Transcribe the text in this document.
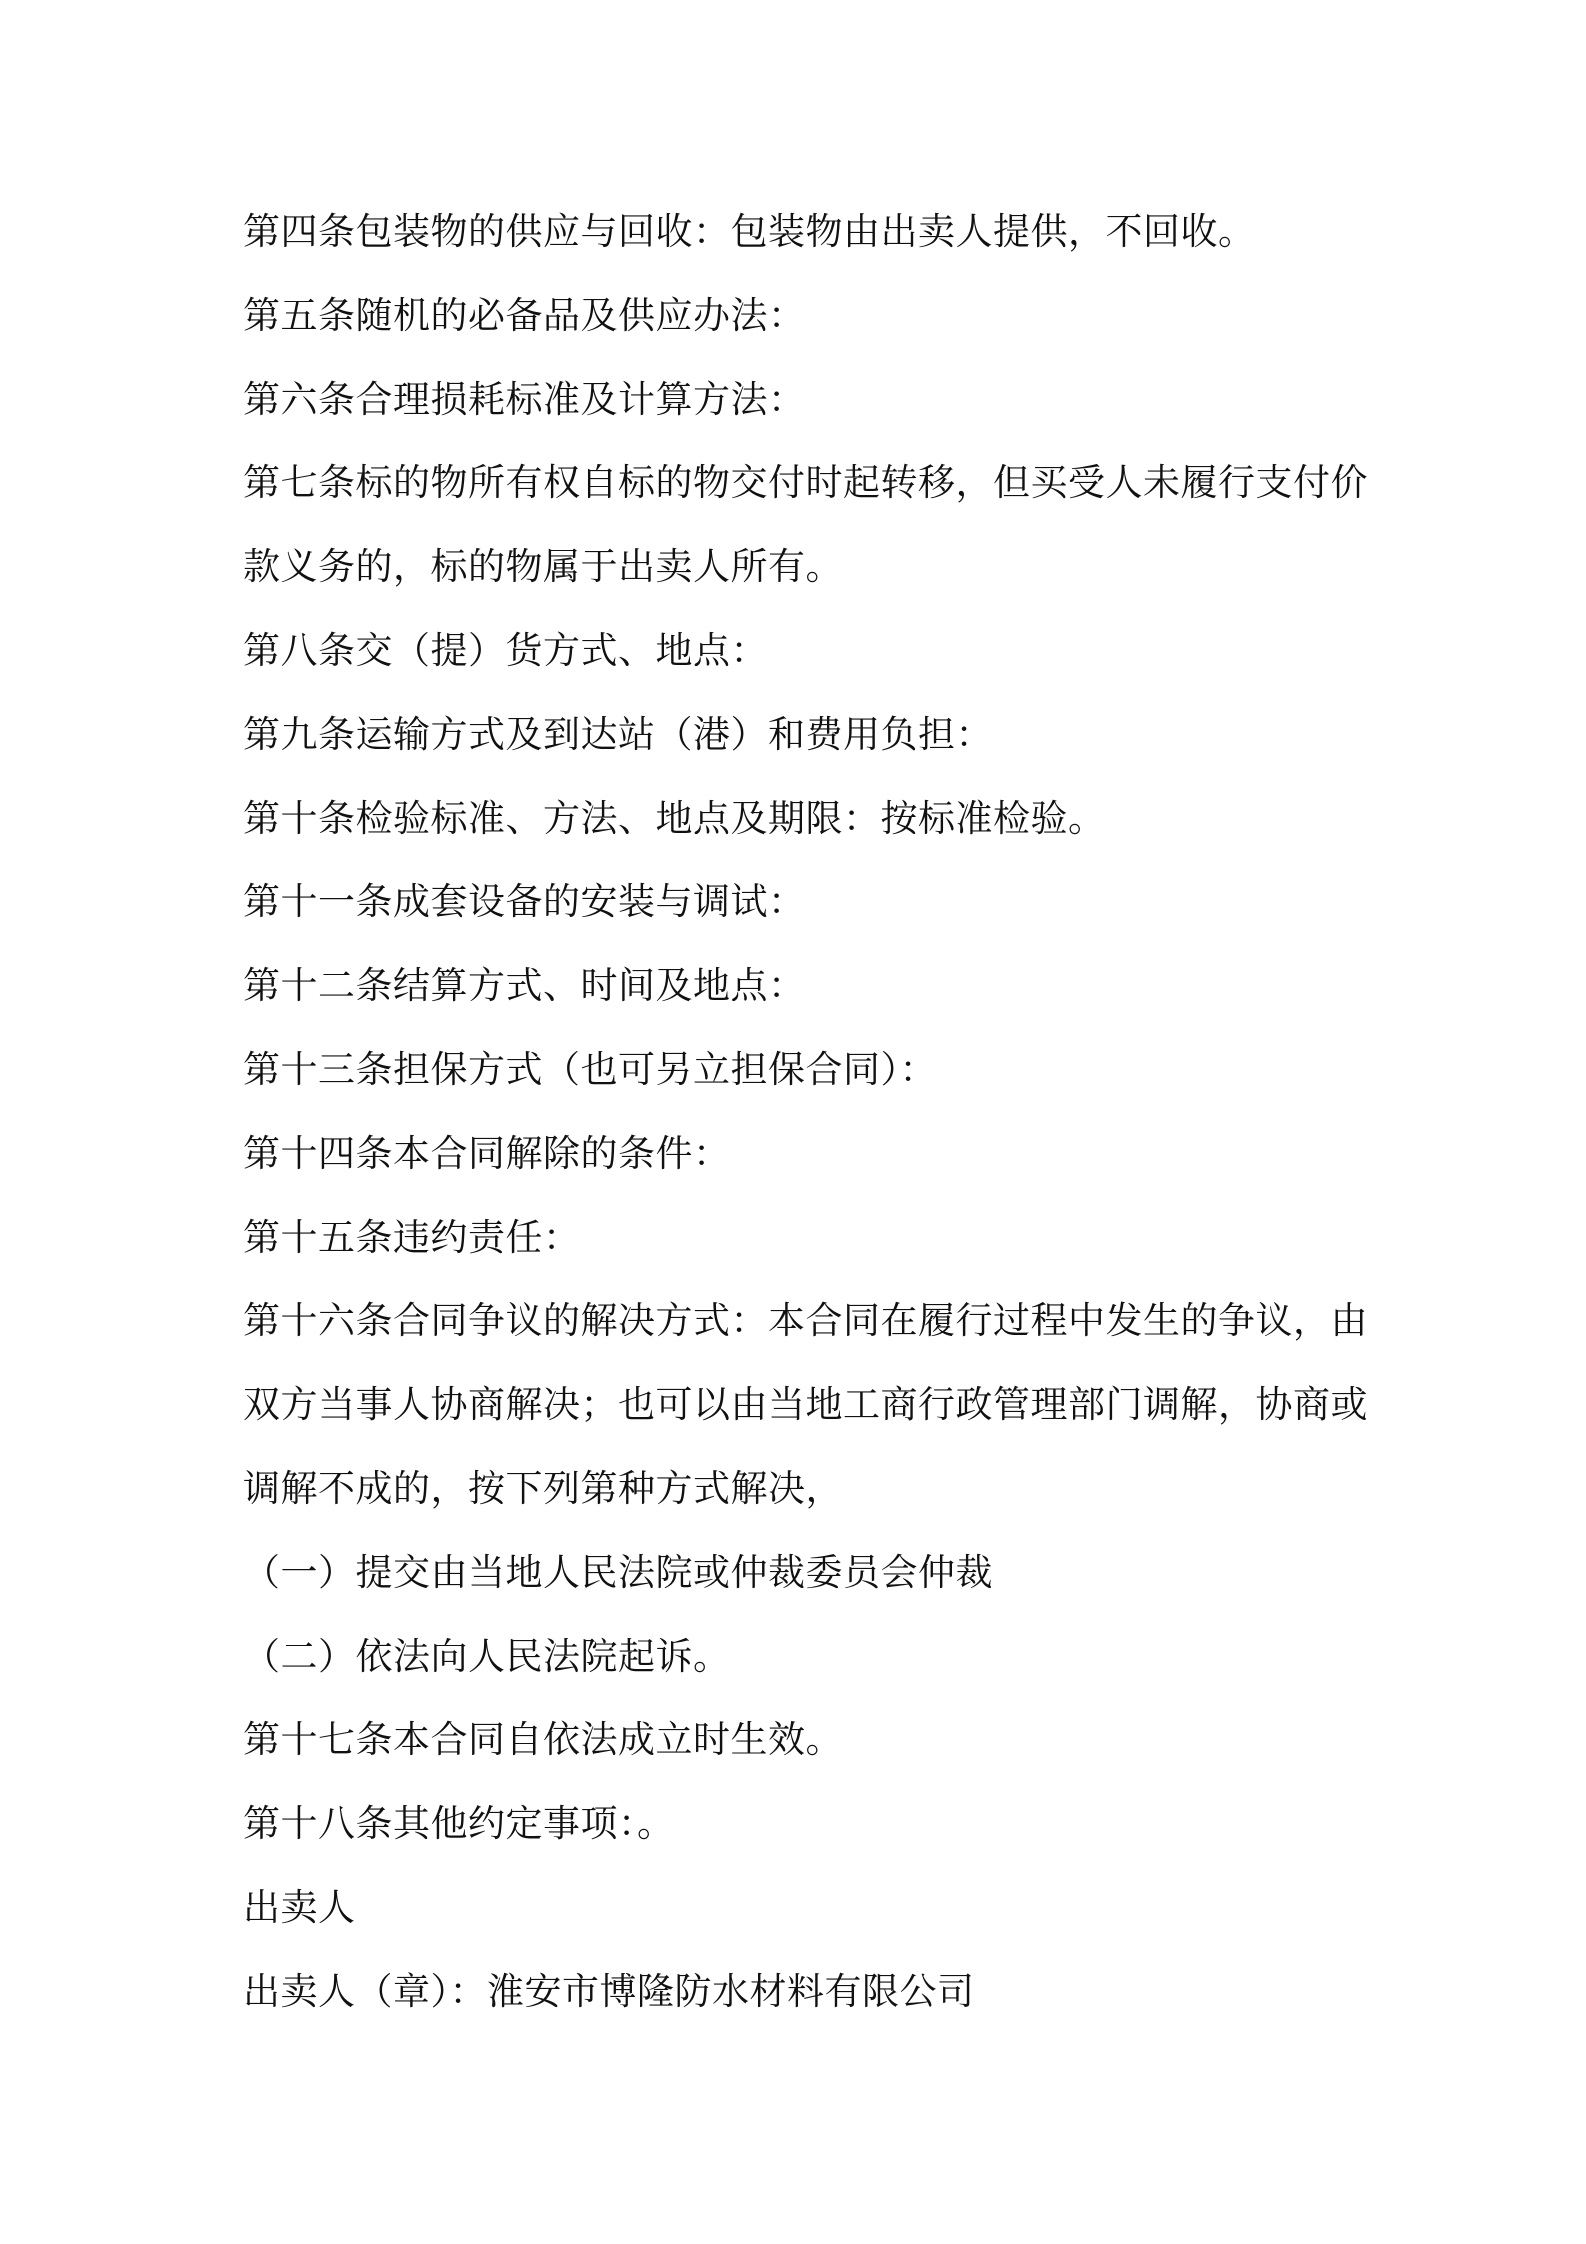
第四条包装物的供应与回收：包装物由出卖人提供，不回收。

第五条随机的必备品及供应办法：

第六条合理损耗标准及计算方法：

第七条标的物所有权自标的物交付时起转移，但买受人未履行支付价

款义务的，标的物属于出卖人所有。

第八条交（提）货方式、地点：

第九条运输方式及到达站（港）和费用负担：

第十条检验标准、方法、地点及期限：按标准检验。

第十一条成套设备的安装与调试：

第十二条结算方式、时间及地点：

第十三条担保方式（也可另立担保合同）：

第十四条本合同解除的条件：

第十五条违约责任：

第十六条合同争议的解决方式：本合同在履行过程中发生的争议，由

双方当事人协商解决；也可以由当地工商行政管理部门调解，协商或

调解不成的，按下列第种方式解决，

（一）提交由当地人民法院或仲裁委员会仲裁

（二）依法向人民法院起诉。

第十七条本合同自依法成立时生效。

第十八条其他约定事项：。

出卖人

出卖人（章）：淮安市博隆防水材料有限公司
